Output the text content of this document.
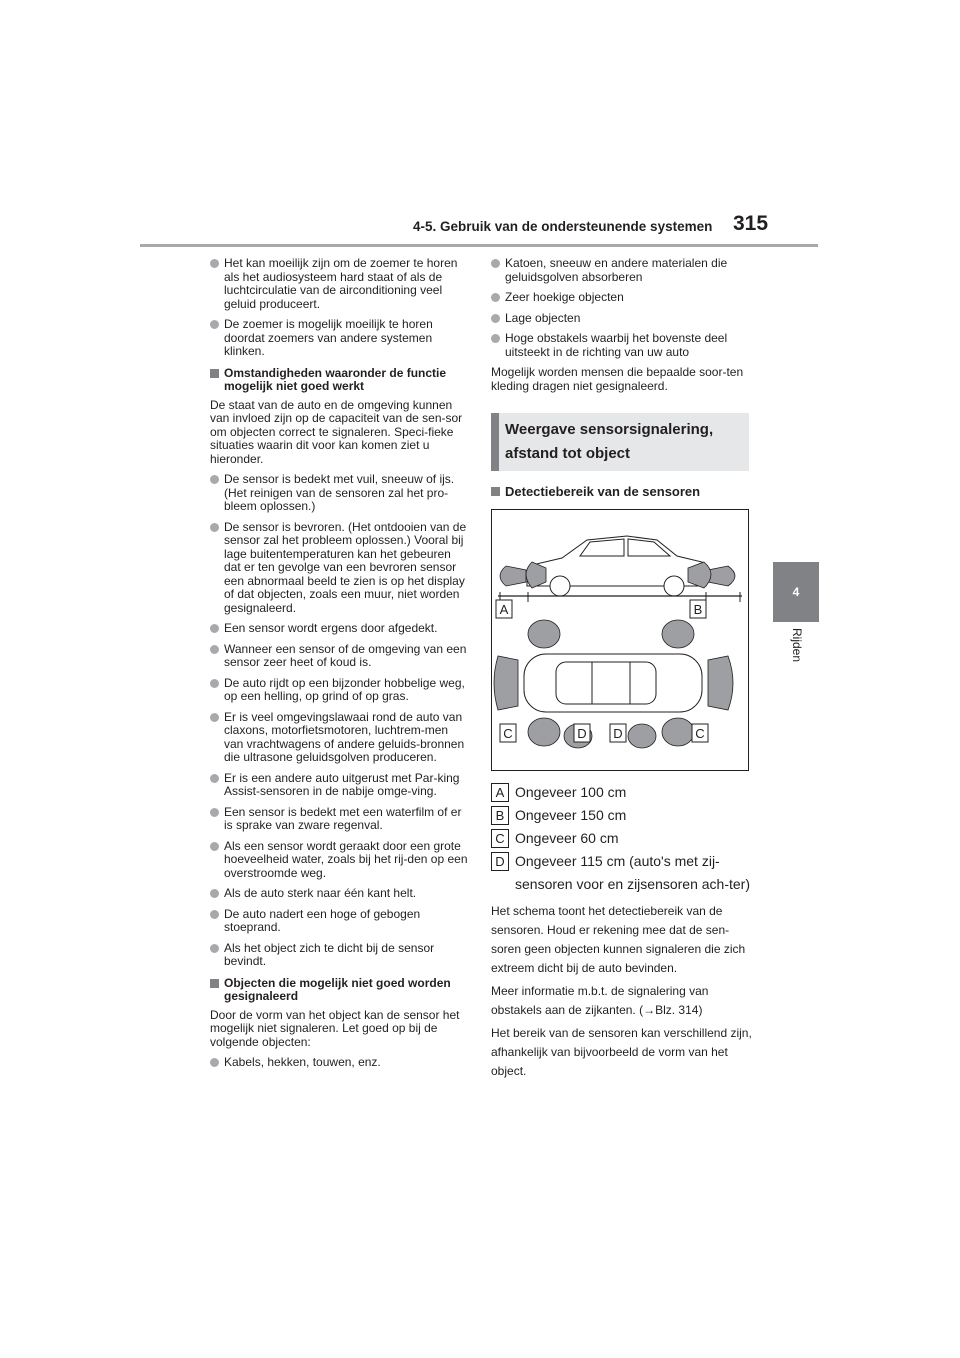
4-5. Gebruik van de ondersteunende systemen 315
4
Rijden
Het kan moeilijk zijn om de zoemer te horen als het audiosysteem hard staat of als de luchtcirculatie van de airconditioning veel geluid produceert.
De zoemer is mogelijk moeilijk te horen doordat zoemers van andere systemen klinken.
Omstandigheden waaronder de functie mogelijk niet goed werkt

De staat van de auto en de omgeving kunnen van invloed zijn op de capaciteit van de sen-sor om objecten correct te signaleren. Speci-fieke situaties waarin dit voor kan komen ziet u hieronder.

De sensor is bedekt met vuil, sneeuw of ijs. (Het reinigen van de sensoren zal het pro-bleem oplossen.)
De sensor is bevroren. (Het ontdooien van de sensor zal het probleem oplossen.) Vooral bij lage buitentemperaturen kan het gebeuren dat er ten gevolge van een bevroren sensor een abnormaal beeld te zien is op het display of dat objecten, zoals een muur, niet worden gesignaleerd.
Een sensor wordt ergens door afgedekt.
Wanneer een sensor of de omgeving van een sensor zeer heet of koud is.
De auto rijdt op een bijzonder hobbelige weg, op een helling, op grind of op gras.
Er is veel omgevingslawaai rond de auto van claxons, motorfietsmotoren, luchtrem-men van vrachtwagens of andere geluids-bronnen die ultrasone geluidsgolven produceren.
Er is een andere auto uitgerust met Par-king Assist-sensoren in de nabije omge-ving.
Een sensor is bedekt met een waterfilm of er is sprake van zware regenval.
Als een sensor wordt geraakt door een grote hoeveelheid water, zoals bij het rij-den op een overstroomde weg.
Als de auto sterk naar één kant helt.
De auto nadert een hoge of gebogen stoeprand.
Als het object zich te dicht bij de sensor bevindt.
Objecten die mogelijk niet goed worden gesignaleerd

Door de vorm van het object kan de sensor het mogelijk niet signaleren. Let goed op bij de volgende objecten:

Kabels, hekken, touwen, enz.
Katoen, sneeuw en andere materialen die geluidsgolven absorberen
Zeer hoekige objecten
Lage objecten
Hoge obstakels waarbij het bovenste deel uitsteekt in de richting van uw auto

Mogelijk worden mensen die bepaalde soor-ten kleding dragen niet gesignaleerd.

Weergave sensorsignalering, afstand tot object
Detectiebereik van de sensoren
A	B
C	D D	C
A Ongeveer 100 cm
B Ongeveer 150 cm
C Ongeveer 60 cm
D Ongeveer 115 cm (auto's met zij-sensoren voor en zijsensoren ach-ter)

Het schema toont het detectiebereik van de sensoren. Houd er rekening mee dat de sen-soren geen objecten kunnen signaleren die zich extreem dicht bij de auto bevinden.

Meer informatie m.b.t. de signalering van obstakels aan de zijkanten. (→Blz. 314)

Het bereik van de sensoren kan verschillend zijn, afhankelijk van bijvoorbeeld de vorm van het object.
